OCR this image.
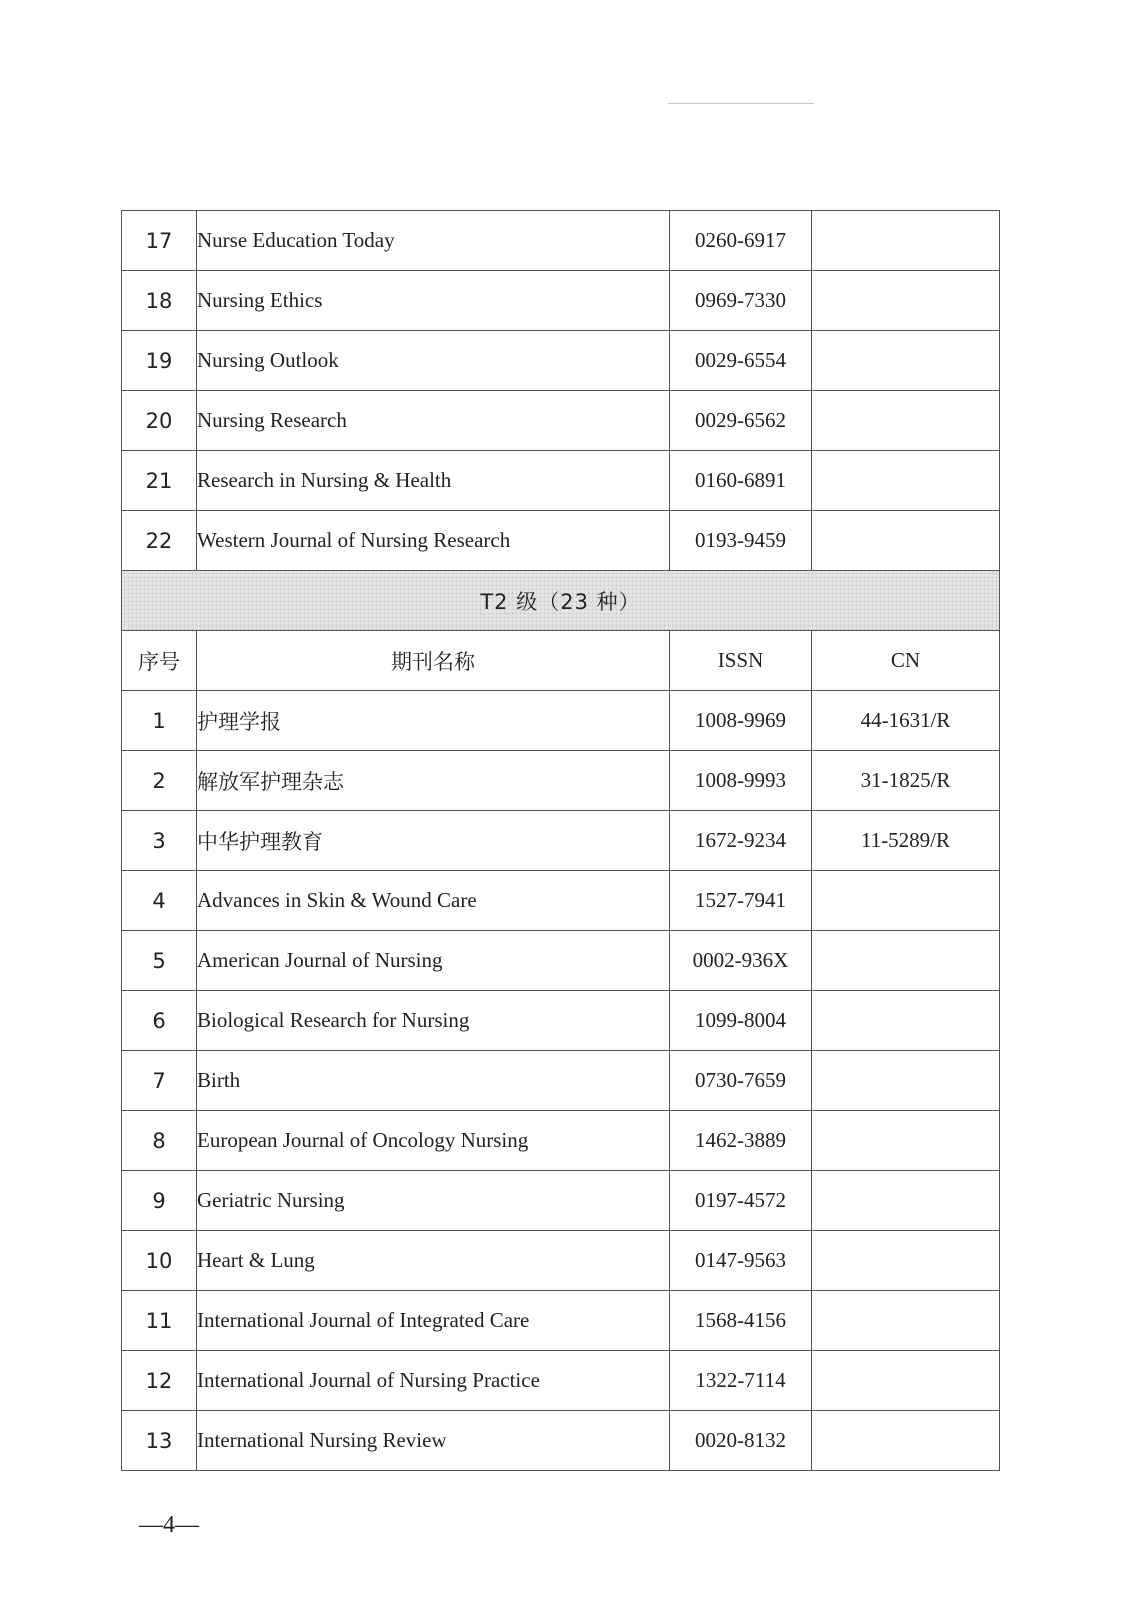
17	Nurse Education Today	0260-6917	
18	Nursing Ethics	0969-7330	
19	Nursing Outlook	0029-6554	
20	Nursing Research	0029-6562	
21	Research in Nursing & Health	0160-6891	
22	Western Journal of Nursing Research	0193-9459	
T2 级（23 种）			
序号	期刊名称	ISSN	CN
1	护理学报	1008-9969	44-1631/R
2	解放军护理杂志	1008-9993	31-1825/R
3	中华护理教育	1672-9234	11-5289/R
4	Advances in Skin & Wound Care	1527-7941	
5	American Journal of Nursing	0002-936X	
6	Biological Research for Nursing	1099-8004	
7	Birth	0730-7659	
8	European Journal of Oncology Nursing	1462-3889	
9	Geriatric Nursing	0197-4572	
10	Heart & Lung	0147-9563	
11	International Journal of Integrated Care	1568-4156	
12	International Journal of Nursing Practice	1322-7114	
13	International Nursing Review	0020-8132	
—4—
